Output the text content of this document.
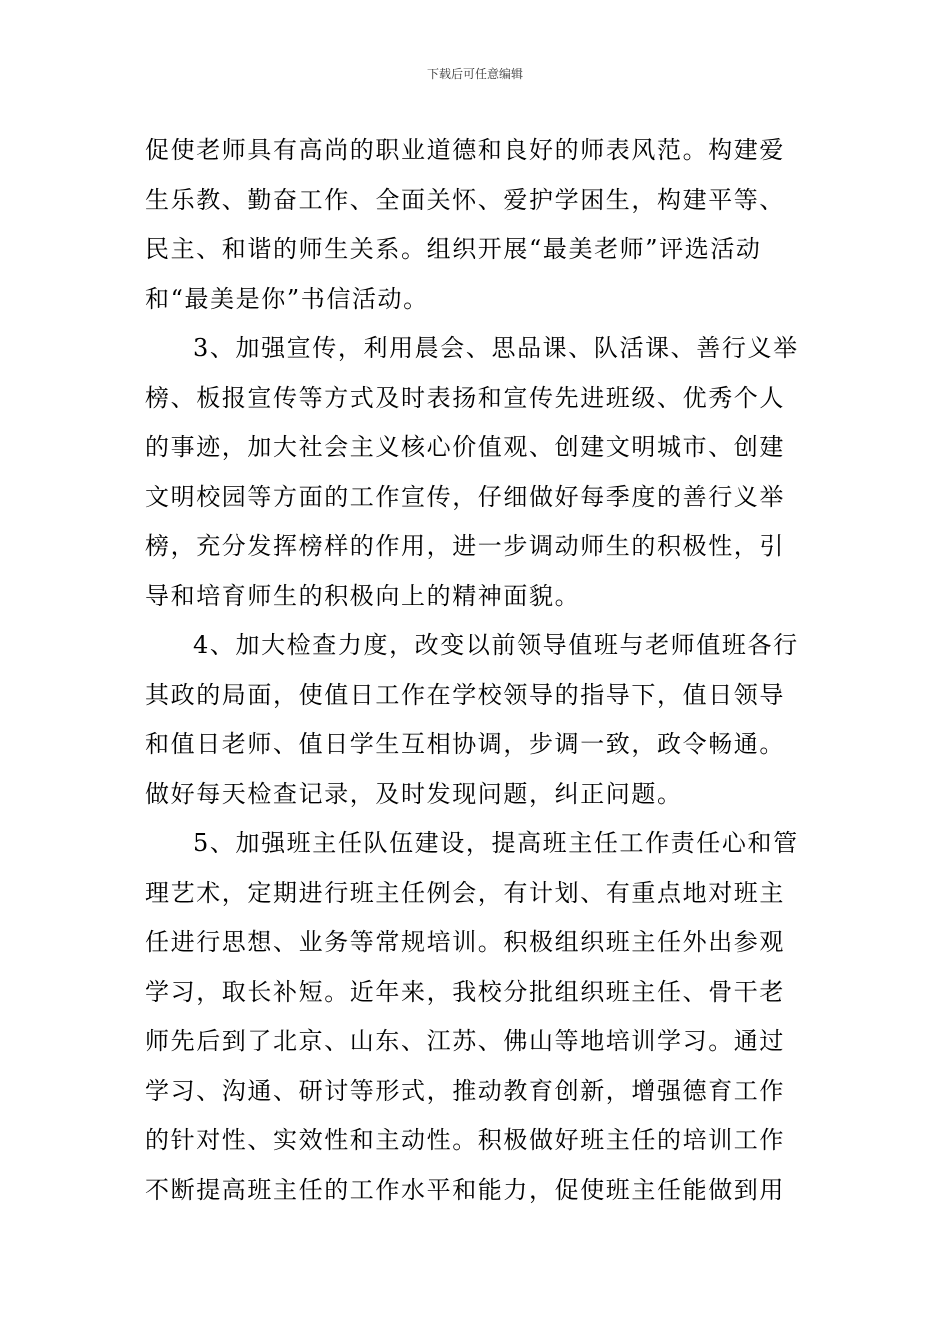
下载后可任意编辑
促使老师具有高尚的职业道德和良好的师表风范。构建爱
生乐教、勤奋工作、全面关怀、爱护学困生，构建平等、
民主、和谐的师生关系。组织开展“最美老师”评选活动
和“最美是你”书信活动。
3、加强宣传，利用晨会、思品课、队活课、善行义举
榜、板报宣传等方式及时表扬和宣传先进班级、优秀个人
的事迹，加大社会主义核心价值观、创建文明城市、创建
文明校园等方面的工作宣传，仔细做好每季度的善行义举
榜，充分发挥榜样的作用，进一步调动师生的积极性，引
导和培育师生的积极向上的精神面貌。
4、加大检查力度，改变以前领导值班与老师值班各行
其政的局面，使值日工作在学校领导的指导下，值日领导
和值日老师、值日学生互相协调，步调一致，政令畅通。
做好每天检查记录，及时发现问题，纠正问题。
5、加强班主任队伍建设，提高班主任工作责任心和管
理艺术，定期进行班主任例会，有计划、有重点地对班主
任进行思想、业务等常规培训。积极组织班主任外出参观
学习，取长补短。近年来，我校分批组织班主任、骨干老
师先后到了北京、山东、江苏、佛山等地培训学习。通过
学习、沟通、研讨等形式，推动教育创新，增强德育工作
的针对性、实效性和主动性。积极做好班主任的培训工作
不断提高班主任的工作水平和能力，促使班主任能做到用
